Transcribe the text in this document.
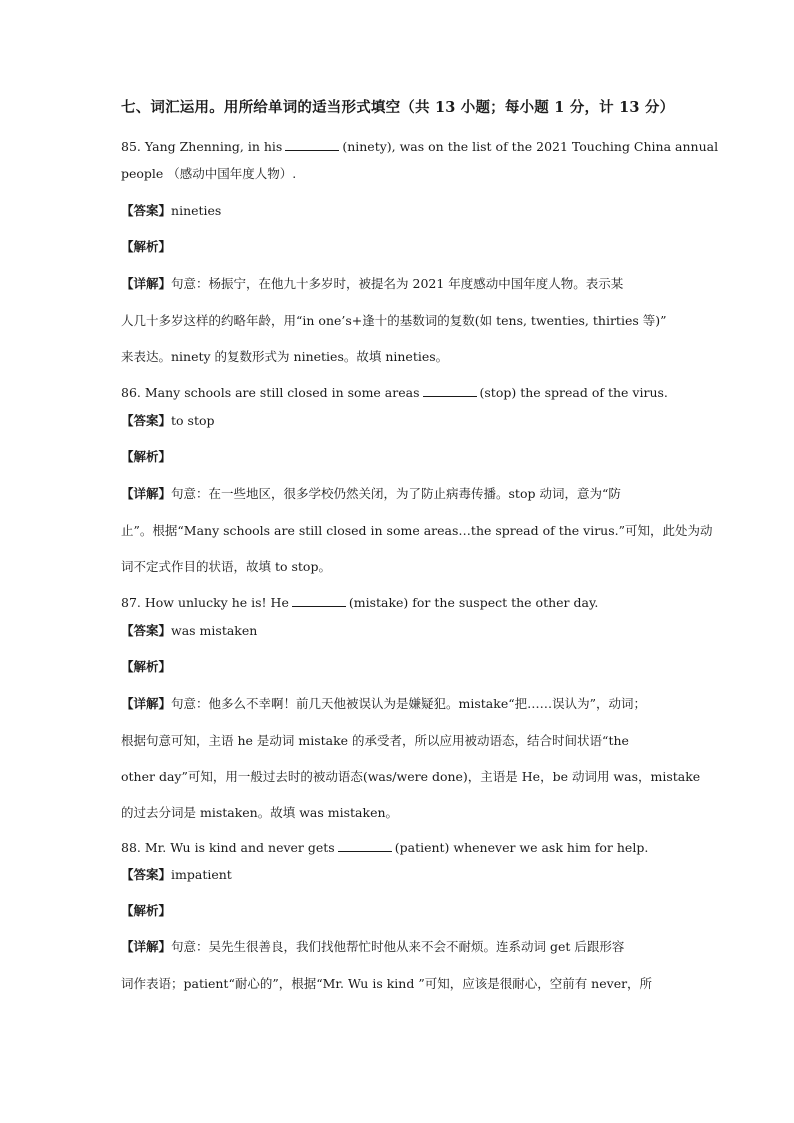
七、词汇运用。用所给单词的适当形式填空（共 13 小题；每小题 1 分，计 13 分）
85. Yang Zhenning, in his	(ninety), was on the list of the 2021 Touching China annual
people （感动中国年度人物）.
【答案】nineties
【解析】
【详解】句意：杨振宁，在他九十多岁时，被提名为 2021 年度感动中国年度人物。表示某
人几十多岁这样的约略年龄，用“in one’s+逢十的基数词的复数(如 tens, twenties, thirties 等)”
来表达。ninety 的复数形式为 nineties。故填 nineties。
86. Many schools are still closed in some areas	(stop) the spread of the virus.
【答案】to stop
【解析】
【详解】句意：在一些地区，很多学校仍然关闭，为了防止病毒传播。stop 动词，意为“防
止”。根据“Many schools are still closed in some areas…the spread of the virus.”可知，此处为动
词不定式作目的状语，故填 to stop。
87. How unlucky he is! He	(mistake) for the suspect the other day.
【答案】was mistaken
【解析】
【详解】句意：他多么不幸啊！前几天他被误认为是嫌疑犯。mistake“把……误认为”，动词；
根据句意可知，主语 he 是动词 mistake 的承受者，所以应用被动语态，结合时间状语“the
other day”可知，用一般过去时的被动语态(was/were done)，主语是 He，be 动词用 was，mistake
的过去分词是 mistaken。故填 was mistaken。
88. Mr. Wu is kind and never gets	(patient) whenever we ask him for help.
【答案】impatient
【解析】
【详解】句意：吴先生很善良，我们找他帮忙时他从来不会不耐烦。连系动词 get 后跟形容
词作表语；patient“耐心的”，根据“Mr. Wu is kind ”可知，应该是很耐心，空前有 never，所
